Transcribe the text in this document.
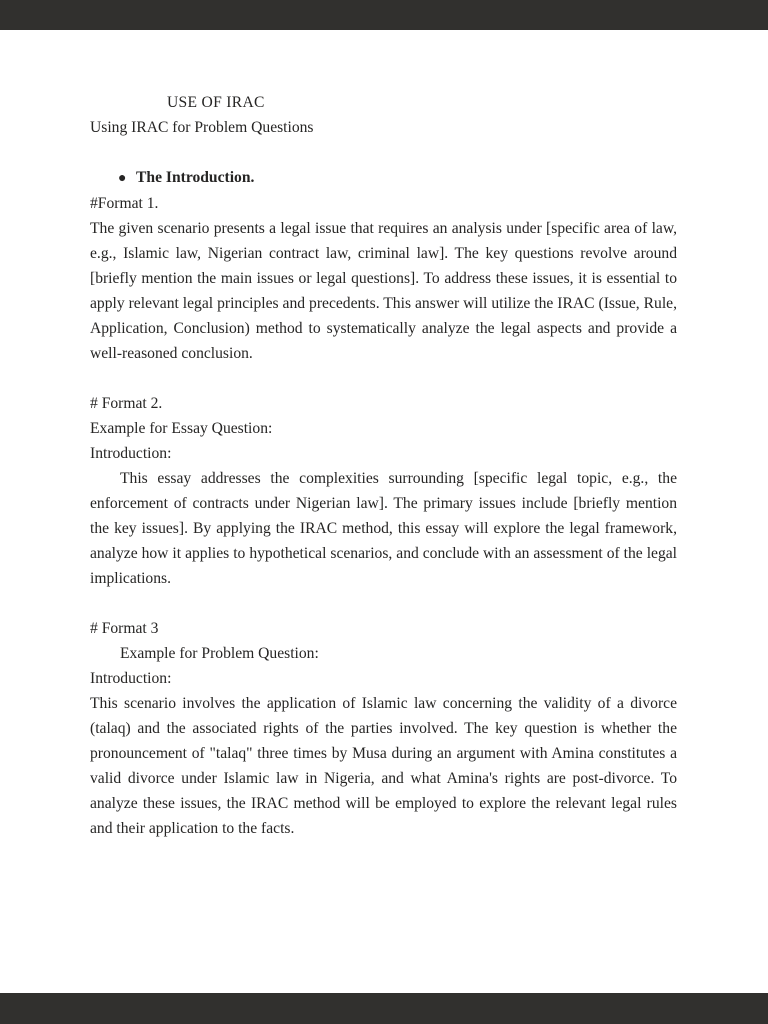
USE OF IRAC

Using IRAC for Problem Questions

● The Introduction.

#Format 1.

The given scenario presents a legal issue that requires an analysis under [specific area of law, e.g., Islamic law, Nigerian contract law, criminal law]. The key questions revolve around [briefly mention the main issues or legal questions]. To address these issues, it is essential to apply relevant legal principles and precedents. This answer will utilize the IRAC (Issue, Rule, Application, Conclusion) method to systematically analyze the legal aspects and provide a well-reasoned conclusion.

# Format 2.

Example for Essay Question:

Introduction:

This essay addresses the complexities surrounding [specific legal topic, e.g., the enforcement of contracts under Nigerian law]. The primary issues include [briefly mention the key issues]. By applying the IRAC method, this essay will explore the legal framework, analyze how it applies to hypothetical scenarios, and conclude with an assessment of the legal implications.

# Format 3

Example for Problem Question:

Introduction:

This scenario involves the application of Islamic law concerning the validity of a divorce (talaq) and the associated rights of the parties involved. The key question is whether the pronouncement of "talaq" three times by Musa during an argument with Amina constitutes a valid divorce under Islamic law in Nigeria, and what Amina's rights are post-divorce. To analyze these issues, the IRAC method will be employed to explore the relevant legal rules and their application to the facts.
